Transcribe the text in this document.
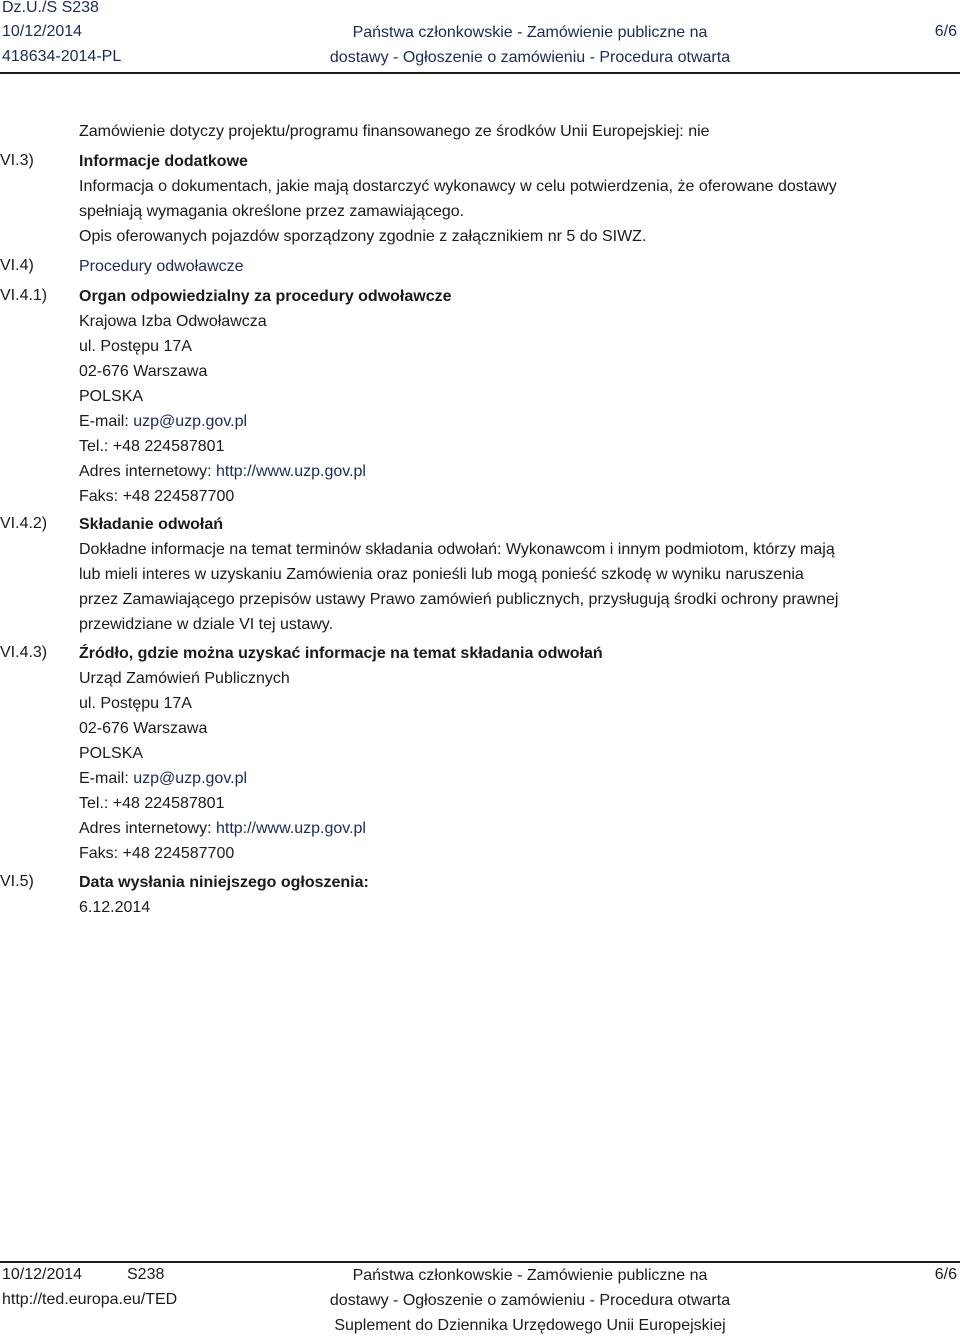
Dz.U./S S238
10/12/2014
418634-2014-PL
Państwa członkowskie - Zamówienie publiczne na
dostawy - Ogłoszenie o zamówieniu - Procedura otwarta
6/6
VI.3)
VI.4)
VI.4.1)
VI.4.2)
VI.4.3)
VI.5)
Zamówienie dotyczy projektu/programu finansowanego ze środków Unii Europejskiej: nie
Informacje dodatkowe
Informacja o dokumentach, jakie mają dostarczyć wykonawcy w celu potwierdzenia, że oferowane dostawy
spełniają wymagania określone przez zamawiającego.
Opis oferowanych pojazdów sporządzony zgodnie z załącznikiem nr 5 do SIWZ.
Procedury odwoławcze
Organ odpowiedzialny za procedury odwoławcze
Krajowa Izba Odwoławcza
ul. Postępu 17A
02-676 Warszawa
POLSKA
E-mail: uzp@uzp.gov.pl
Tel.: +48 224587801
Adres internetowy: http://www.uzp.gov.pl
Faks: +48 224587700
Składanie odwołań
Dokładne informacje na temat terminów składania odwołań: Wykonawcom i innym podmiotom, którzy mają
lub mieli interes w uzyskaniu Zamówienia oraz ponieśli lub mogą ponieść szkodę w wyniku naruszenia
przez Zamawiającego przepisów ustawy Prawo zamówień publicznych, przysługują środki ochrony prawnej
przewidziane w dziale VI tej ustawy.
Źródło, gdzie można uzyskać informacje na temat składania odwołań
Urząd Zamówień Publicznych
ul. Postępu 17A
02-676 Warszawa
POLSKA
E-mail: uzp@uzp.gov.pl
Tel.: +48 224587801
Adres internetowy: http://www.uzp.gov.pl
Faks: +48 224587700
Data wysłania niniejszego ogłoszenia:
6.12.2014
10/12/2014	S238
http://ted.europa.eu/TED
Państwa członkowskie - Zamówienie publiczne na
dostawy - Ogłoszenie o zamówieniu - Procedura otwarta
Suplement do Dziennika Urzędowego Unii Europejskiej
6/6
